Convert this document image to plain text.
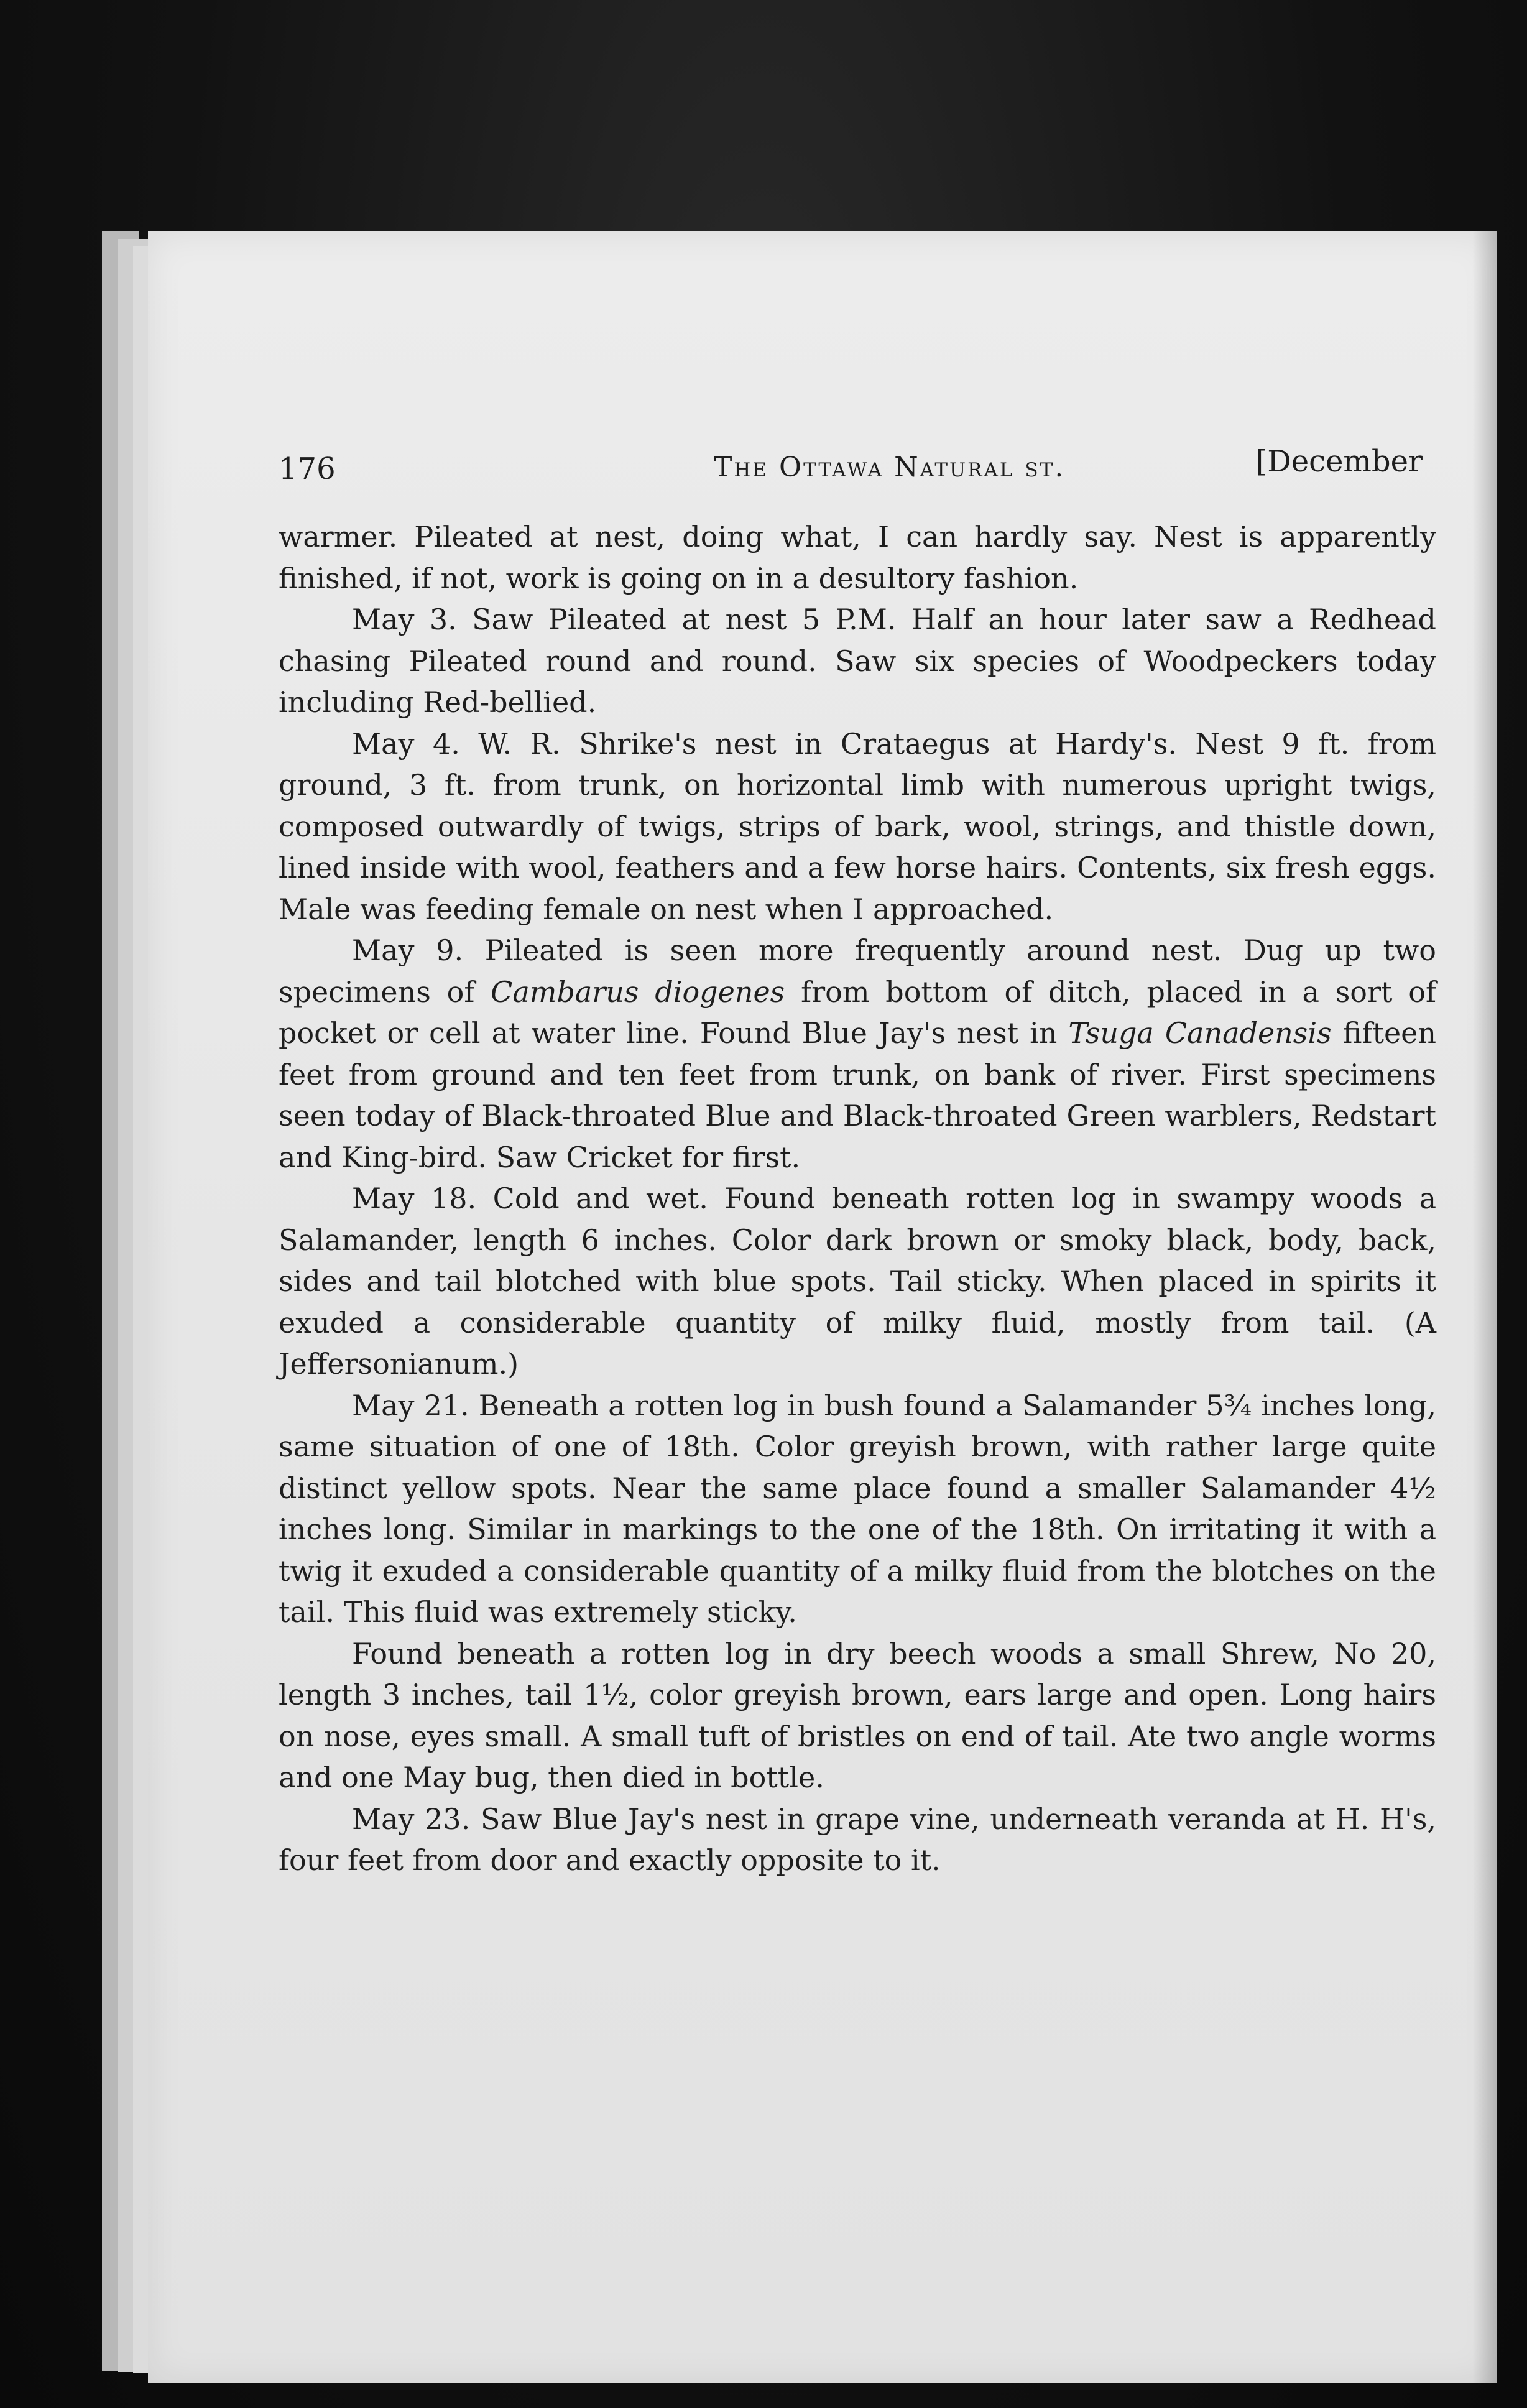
176	The Ottawa Natural st.	[December

warmer. Pileated at nest, doing what, I can hardly say. Nest is apparently finished, if not, work is going on in a desultory fashion.

May 3. Saw Pileated at nest 5 P.M. Half an hour later saw a Redhead chasing Pileated round and round. Saw six species of Woodpeckers today including Red-bellied.

May 4. W. R. Shrike's nest in Crataegus at Hardy's. Nest 9 ft. from ground, 3 ft. from trunk, on horizontal limb with numerous upright twigs, composed outwardly of twigs, strips of bark, wool, strings, and thistle down, lined inside with wool, feathers and a few horse hairs. Contents, six fresh eggs. Male was feeding female on nest when I approached.

May 9. Pileated is seen more frequently around nest. Dug up two specimens of Cambarus diogenes from bottom of ditch, placed in a sort of pocket or cell at water line. Found Blue Jay's nest in Tsuga Canadensis fifteen feet from ground and ten feet from trunk, on bank of river. First specimens seen today of Black-throated Blue and Black-throated Green warblers, Redstart and King-bird. Saw Cricket for first.

May 18. Cold and wet. Found beneath rotten log in swampy woods a Salamander, length 6 inches. Color dark brown or smoky black, body, back, sides and tail blotched with blue spots. Tail sticky. When placed in spirits it exuded a considerable quantity of milky fluid, mostly from tail. (A Jeffersonianum.)

May 21. Beneath a rotten log in bush found a Salamander 5¾ inches long, same situation of one of 18th. Color greyish brown, with rather large quite distinct yellow spots. Near the same place found a smaller Salamander 4½ inches long. Similar in markings to the one of the 18th. On irritating it with a twig it exuded a considerable quantity of a milky fluid from the blotches on the tail. This fluid was extremely sticky.

Found beneath a rotten log in dry beech woods a small Shrew, No 20, length 3 inches, tail 1½, color greyish brown, ears large and open. Long hairs on nose, eyes small. A small tuft of bristles on end of tail. Ate two angle worms and one May bug, then died in bottle.

May 23. Saw Blue Jay's nest in grape vine, underneath veranda at H. H's, four feet from door and exactly opposite to it.
